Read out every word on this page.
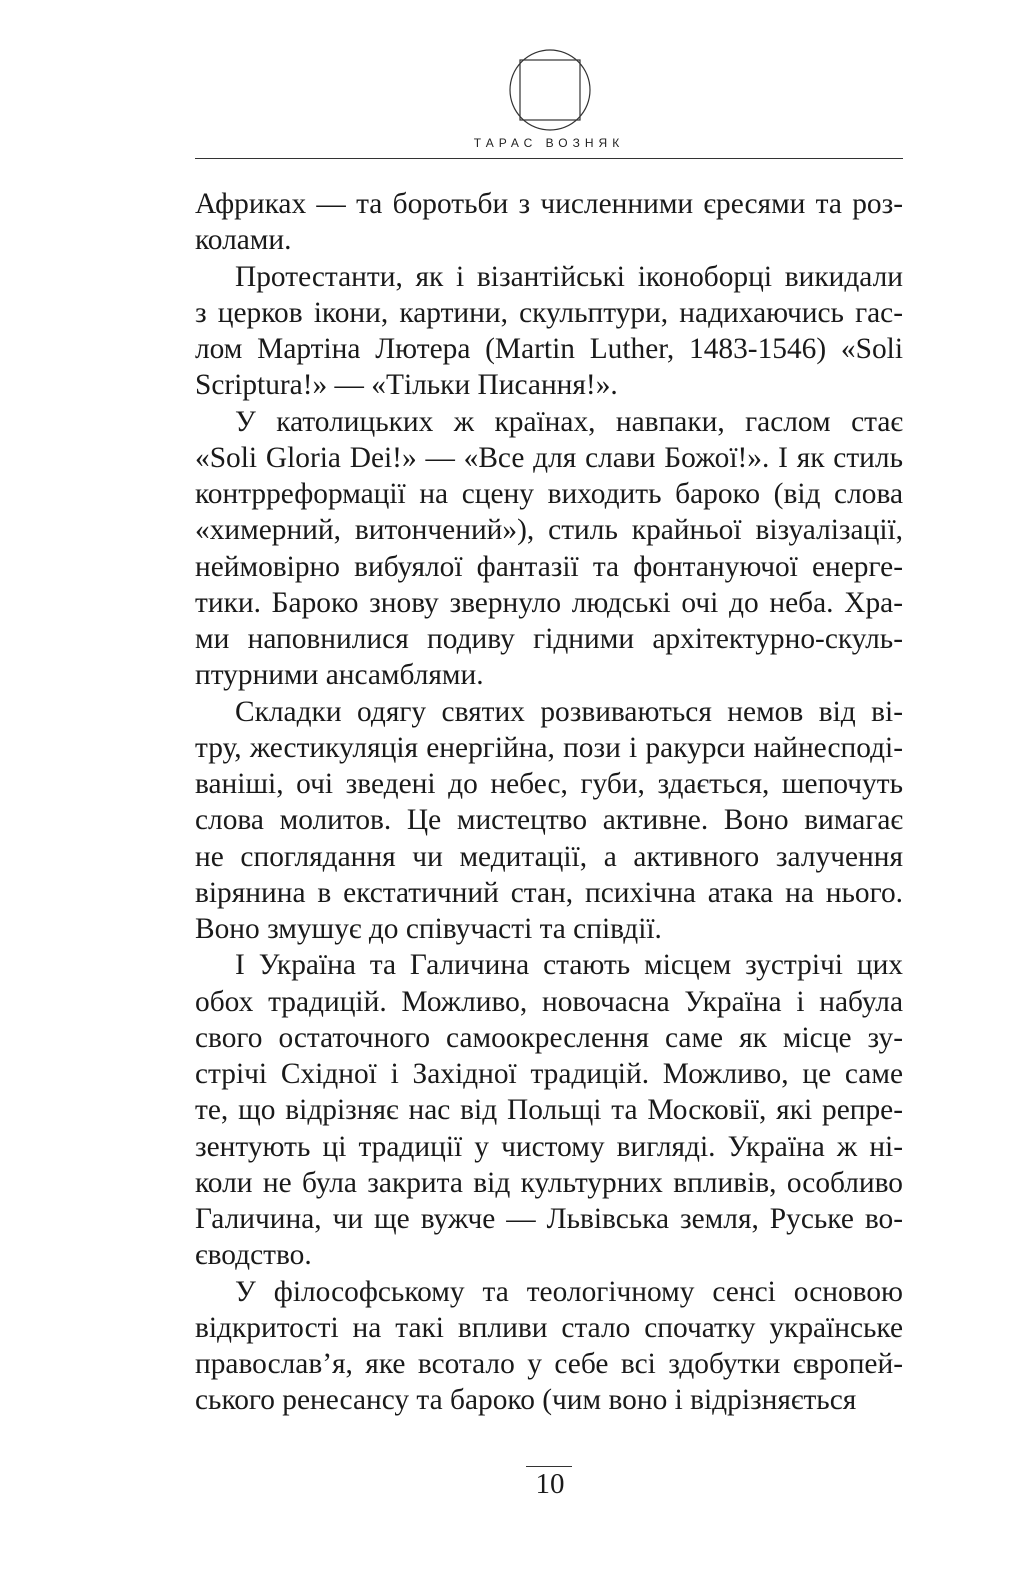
ТАРАС ВОЗНЯК

Африках — та боротьби з численними єресями та роз-

колами.

Протестанти, як і візантійські іконоборці викидали

з церков ікони, картини, скульптури, надихаючись гас-

лом Мартіна Лютера (Martin Luther, 1483-1546) «Soli

Scriptura!» — «Тільки Писання!».

У католицьких ж країнах, навпаки, гаслом стає

«Soli Gloria Dei!» — «Все для слави Божої!». І як стиль

контрреформації на сцену виходить бароко (від слова

«химерний, витончений»), стиль крайньої візуалізації,

неймовірно вибуялої фантазії та фонтануючої енерге-

тики. Бароко знову звернуло людські очі до неба. Хра-

ми наповнилися подиву гідними архітектурно-скуль-

птурними ансамблями.

Складки одягу святих розвиваються немов від ві-

тру, жестикуляція енергійна, пози і ракурси найнесподі-

ваніші, очі зведені до небес, губи, здається, шепочуть

слова молитов. Це мистецтво активне. Воно вимагає

не споглядання чи медитації, а активного залучення

вірянина в екстатичний стан, психічна атака на нього.

Воно змушує до співучасті та співдії.

І Україна та Галичина стають місцем зустрічі цих

обох традицій. Можливо, новочасна Україна і набула

свого остаточного самоокреслення саме як місце зу-

стрічі Східної і Західної традицій. Можливо, це саме

те, що відрізняє нас від Польщі та Московії, які репре-

зентують ці традиції у чистому вигляді. Україна ж ні-

коли не була закрита від культурних впливів, особливо

Галичина, чи ще вужче — Львівська земля, Руське во-

єводство.

У філософському та теологічному сенсі основою

відкритості на такі впливи стало спочатку українське

православ’я, яке всотало у себе всі здобутки європей-

ського ренесансу та бароко (чим воно і відрізняється

10
